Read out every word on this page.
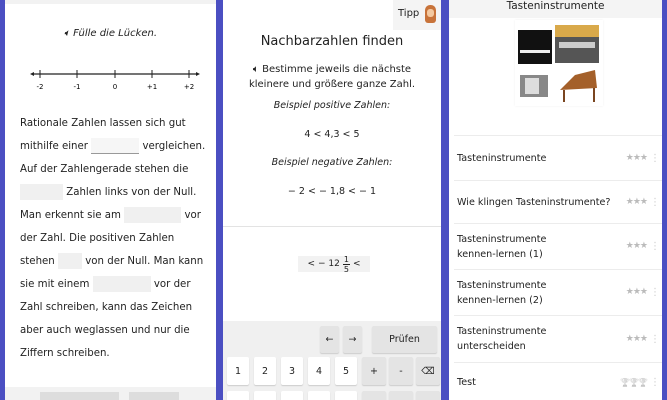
🔈︎ Fülle die Lücken.
-2	-1	0	+1	+2
Rationale Zahlen lassen sich gut mithilfe einer	vergleichen. Auf der Zahlengerade stehen die  Zahlen links von der Null. Man erkennt sie am	vor der Zahl. Die positiven Zahlen stehen	von der Null. Man kann sie mit einem	vor der Zahl schreiben, kann das Zeichen aber auch weglassen und nur die Ziffern schreiben.
Tipp
Nachbarzahlen finden
🔈︎ Bestimme jeweils die nächste
kleinere und größere ganze Zahl.
Beispiel positive Zahlen:
4 < 4,3 < 5
Beispiel negative Zahlen:
− 2 < − 1,8 < − 1
< − $12 \frac{1}{5}$ <
←	→	Prüfen
1	2	3	4	5	+	-	⌫
Tasteninstrumente
Tasteninstrumente	★★★ ⋮
Wie klingen Tasteninstrumente? ★★★ ⋮
Tasteninstrumente kennen-lernen (1)
★★★ ⋮
Tasteninstrumente kennen-lernen (2)
★★★ ⋮
Tasteninstrumente unterscheiden
★★★ ⋮
Test	🏆🏆🏆 ⋮
